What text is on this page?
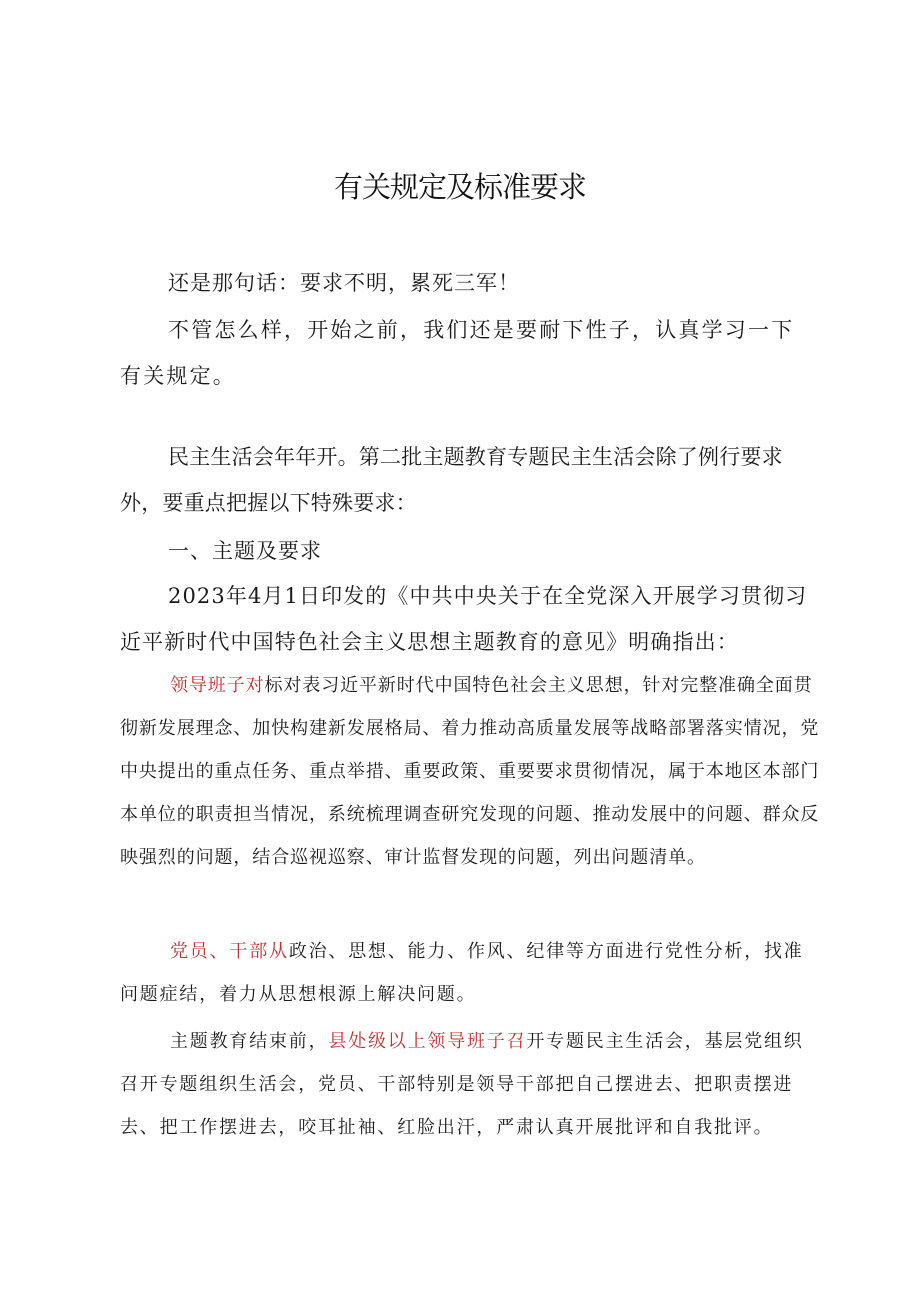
有关规定及标准要求

还是那句话：要求不明，累死三军！

不管怎么样，开始之前，我们还是要耐下性子，认真学习一下有关规定。

民主生活会年年开。第二批主题教育专题民主生活会除了例行要求外，要重点把握以下特殊要求：

一、主题及要求

2023年4月1日印发的《中共中央关于在全党深入开展学习贯彻习近平新时代中国特色社会主义思想主题教育的意见》明确指出：

领导班子对标对表习近平新时代中国特色社会主义思想，针对完整准确全面贯彻新发展理念、加快构建新发展格局、着力推动高质量发展等战略部署落实情况，党中央提出的重点任务、重点举措、重要政策、重要要求贯彻情况，属于本地区本部门本单位的职责担当情况，系统梳理调查研究发现的问题、推动发展中的问题、群众反映强烈的问题，结合巡视巡察、审计监督发现的问题，列出问题清单。

党员、干部从政治、思想、能力、作风、纪律等方面进行党性分析，找准问题症结，着力从思想根源上解决问题。

主题教育结束前，县处级以上领导班子召开专题民主生活会，基层党组织召开专题组织生活会，党员、干部特别是领导干部把自己摆进去、把职责摆进去、把工作摆进去，咬耳扯袖、红脸出汗，严肃认真开展批评和自我批评。
